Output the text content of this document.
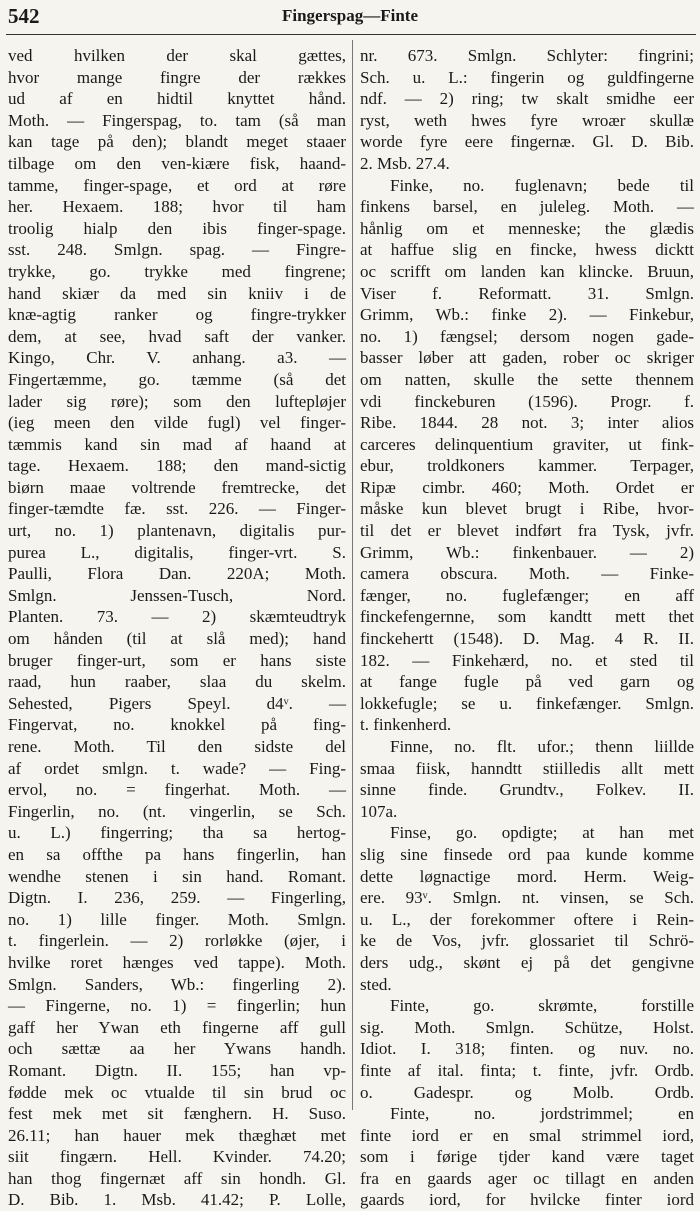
542	Fingerspag—Finte
ved hvilken der skal gættes,
hvor mange fingre der rækkes
ud af en hidtil knyttet hånd.
Moth. — Fingerspag, to. tam (så man
kan tage på den); blandt meget staaer
tilbage om den ven-kiære fisk, haand-
tamme, finger-spage, et ord at røre
her. Hexaem. 188; hvor til ham
troolig hialp den ibis finger-spage.
sst. 248. Smlgn. spag. — Fingre-
trykke, go. trykke med fingrene;
hand skiær da med sin kniiv i de
knæ-agtig ranker og fingre-trykker
dem, at see, hvad saft der vanker.
Kingo, Chr. V. anhang. a3. —
Fingertæmme, go. tæmme (så det
lader sig røre); som den luftepløjer
(ieg meen den vilde fugl) vel finger-
tæmmis kand sin mad af haand at
tage. Hexaem. 188; den mand-sictig
biørn maae voltrende fremtrecke, det
finger-tæmdte fæ. sst. 226. — Finger-
urt, no. 1) plantenavn, digitalis pur-
purea L., digitalis, finger-vrt. S.
Paulli, Flora Dan. 220A; Moth.
Smlgn. Jenssen-Tusch, Nord.
Planten. 73. — 2) skæmteudtryk
om hånden (til at slå med); hand
bruger finger-urt, som er hans siste
raad, hun raaber, slaa du skelm.
Sehested, Pigers Speyl. d4ᵛ. —
Fingervat, no. knokkel på fing-
rene. Moth. Til den sidste del
af ordet smlgn. t. wade? — Fing-
ervol, no. = fingerhat. Moth. —
Fingerlin, no. (nt. vingerlin, se Sch.
u. L.) fingerring; tha sa hertog-
en sa offthe pa hans fingerlin, han
wendhe stenen i sin hand. Romant.
Digtn. I. 236, 259. — Fingerling,
no. 1) lille finger. Moth. Smlgn.
t. fingerlein. — 2) rorløkke (øjer, i
hvilke roret hænges ved tappe). Moth.
Smlgn. Sanders, Wb.: fingerling 2).
— Fingerne, no. 1) = fingerlin; hun
gaff her Ywan eth fingerne aff gull
och sættæ aa her Ywans handh.
Romant. Digtn. II. 155; han vp-
fødde mek oc vtualde til sin brud oc
fest mek met sit fænghern. H. Suso.
26.11; han hauer mek thæghæt met
siit fingærn. Hell. Kvinder. 74.20;
han thog fingernæt aff sin hondh. Gl.
D. Bib. 1. Msb. 41.42; P. Lolle,
nr. 673. Smlgn. Schlyter: fingrini;
Sch. u. L.: fingerin og guldfingerne
ndf. — 2) ring; tw skalt smidhe eer
ryst, weth hwes fyre wroær skullæ
worde fyre eere fingernæ. Gl. D. Bib.
2. Msb. 27.4.
Finke, no. fuglenavn; bede til
finkens barsel, en juleleg. Moth. —
hånlig om et menneske; the glædis
at haffue slig en fincke, hwess dicktt
oc scrifft om landen kan klincke. Bruun,
Viser f. Reformatt. 31. Smlgn.
Grimm, Wb.: finke 2). — Finkebur,
no. 1) fængsel; dersom nogen gade-
basser løber att gaden, rober oc skriger
om natten, skulle the sette thennem
vdi finckeburen (1596). Progr. f.
Ribe. 1844. 28 not. 3; inter alios
carceres delinquentium graviter, ut fink-
ebur, troldkoners kammer. Terpager,
Ripæ cimbr. 460; Moth. Ordet er
måske kun blevet brugt i Ribe, hvor-
til det er blevet indført fra Tysk, jvfr.
Grimm, Wb.: finkenbauer. — 2)
camera obscura. Moth. — Finke-
fænger, no. fuglefænger; en aff
finckefengernne, som kandtt mett thet
finckehertt (1548). D. Mag. 4 R. II.
182. — Finkehærd, no. et sted til
at fange fugle på ved garn og
lokkefugle; se u. finkefænger. Smlgn.
t. finkenherd.
Finne, no. flt. ufor.; thenn liillde
smaa fiisk, hanndtt stiilledis allt mett
sinne finde. Grundtv., Folkev. II.
107a.
Finse, go. opdigte; at han met
slig sine finsede ord paa kunde komme
dette løgnactige mord. Herm. Weig-
ere. 93ᵛ. Smlgn. nt. vinsen, se Sch.
u. L., der forekommer oftere i Rein-
ke de Vos, jvfr. glossariet til Schrö-
ders udg., skønt ej på det gengivne
sted.
Finte, go. skrømte, forstille
sig. Moth. Smlgn. Schütze, Holst.
Idiot. I. 318; finten. og nuv. no.
finte af ital. finta; t. finte, jvfr. Ordb.
o. Gadespr. og Molb. Ordb.
Finte, no. jordstrimmel; en
finte iord er en smal strimmel iord,
som i førige tjder kand være taget
fra en gaards ager oc tillagt en anden
gaards iord, for hvilcke finter iord
